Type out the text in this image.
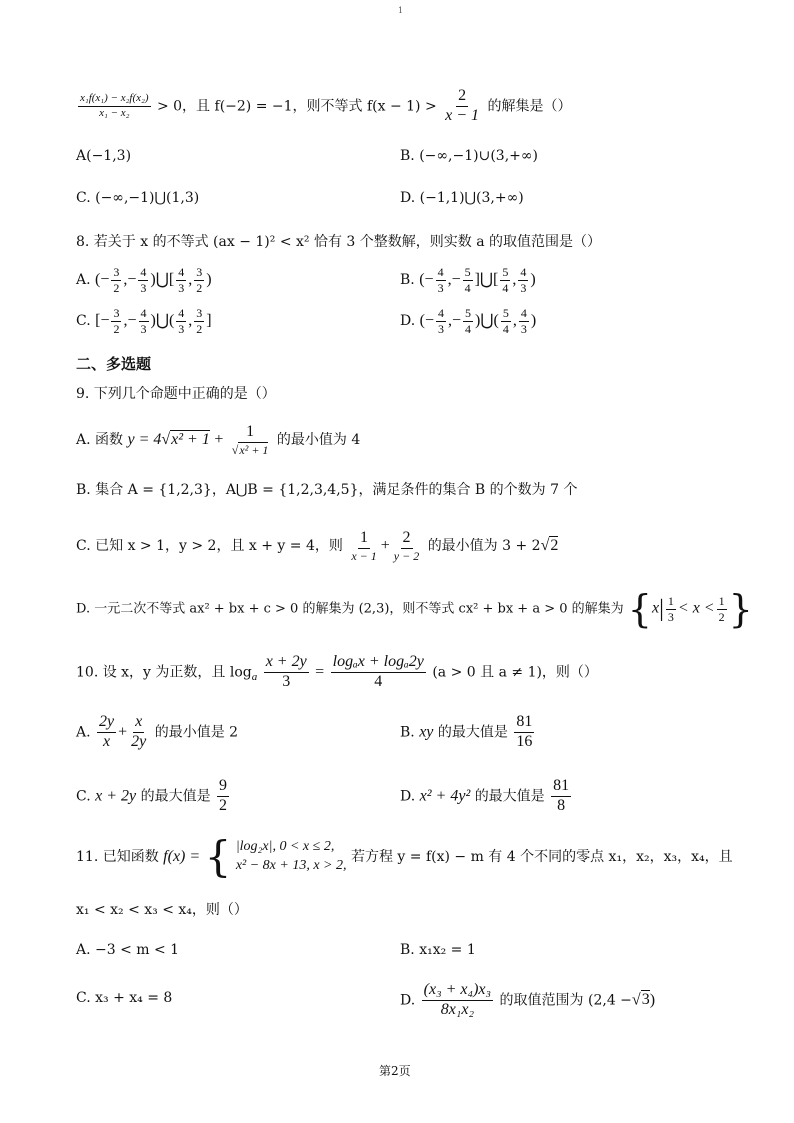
1
$\frac{\text{x₁f(x₁) − x₂f(x₂)}}{\text{x₁ − x₂}} > 0$，且 f(−2) = −1，则不等式 $f(x - 1) > \frac{2}{x - 1}$ 的解集是（）
A(−1,3)	B. (−∞,−1)∪(3,+∞)
C. (−∞,−1)⋃(1,3)	D. (−1,1)⋃(3,+∞)
8. 若关于 x 的不等式 (ax − 1)² < x² 恰有 3 个整数解，则实数 a 的取值范围是（）
A. (− $\frac{3}{2}$ ,− $\frac{4}{3}$ )⋃[ $\frac{4}{3}$ , $\frac{3}{2}$ )	B. (− $\frac{4}{3}$ ,− $\frac{5}{4}$ ]⋃[ $\frac{5}{4}$ , $\frac{4}{3}$ )
C. [− $\frac{3}{2}$ ,− $\frac{4}{3}$ )⋃( $\frac{4}{3}$ , $\frac{3}{2}$ ]	D. (− $\frac{4}{3}$ ,− $\frac{5}{4}$ )⋃( $\frac{5}{4}$ , $\frac{4}{3}$ )
二、多选题
9. 下列几个命题中正确的是（）
A. 函数 $y = 4√x^2 + 1 + \frac{1}{\text{√x² + 1}}$ 的最小值为 4
B. 集合 A = {1,2,3}，A⋃B = {1,2,3,4,5}，满足条件的集合 B 的个数为 7 个
C. 已知 x > 1，y > 2，且 x + y = 4，则 $\frac{1}{x - 1} + \frac{2}{y - 2}$ 的最小值为 3 + 2√2
D. 一元二次不等式 ax² + bx + c > 0 的解集为 (2,3)，则不等式 cx² + bx + a > 0 的解集为 {$x| \frac{1}{3} < x < \frac{1}{2}$ }
10. 设 x，y 为正数，且 $\log_a \frac{x + 2y}{3} = \frac{\text{logₐx + logₐ2y}}{4} (a > 0$ 且 a ≠ 1)，则（）
A. $\frac{2y}{x} + \frac{x}{2y}$ 的最小值是 2	B. xy 的最大值是 $\frac{81}{16}$
C. x + 2y 的最大值是 $\frac{9}{2}$	D. x² + 4y² 的最大值是 $\frac{81}{8}$
11. 已知函数 f(x) = { |log₂x|, 0 < x ≤ 2,
x² − 8x + 13, x > 2,
若方程 y = f(x) − m 有 4 个不同的零点 x₁，x₂，x₃，x₄，且
x₁ < x₂ < x₃ < x₄，则（）
A. −3 < m < 1	B. x₁x₂ = 1
C. x₃ + x₄ = 8	D. $\frac{\text{(x₃ + x₄)x₃}}{\text{8x₁x₂}}$ 的取值范围为 (2,4 −√3)
第2页
